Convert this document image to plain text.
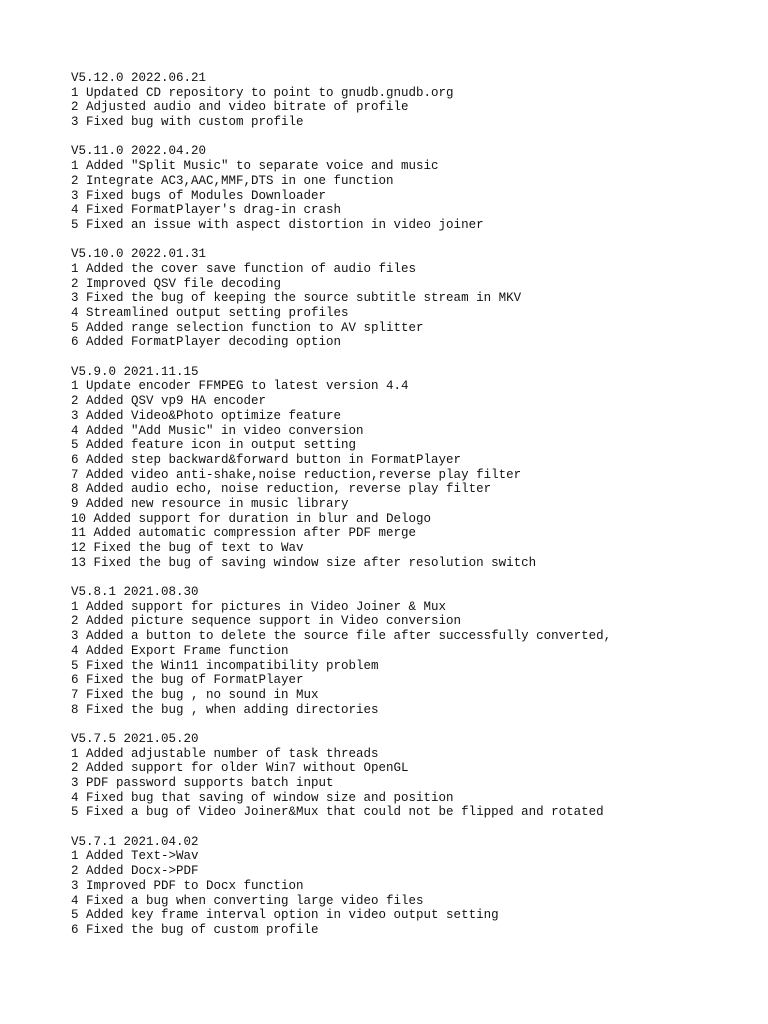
V5.12.0 2022.06.21
1 Updated CD repository to point to gnudb.gnudb.org
2 Adjusted audio and video bitrate of profile
3 Fixed bug with custom profile
V5.11.0 2022.04.20
1 Added "Split Music" to separate voice and music
2 Integrate AC3,AAC,MMF,DTS in one function
3 Fixed bugs of Modules Downloader
4 Fixed FormatPlayer's drag-in crash
5 Fixed an issue with aspect distortion in video joiner
V5.10.0 2022.01.31
1 Added the cover save function of audio files
2 Improved QSV file decoding
3 Fixed the bug of keeping the source subtitle stream in MKV
4 Streamlined output setting profiles
5 Added range selection function to AV splitter
6 Added FormatPlayer decoding option
V5.9.0 2021.11.15
1 Update encoder FFMPEG to latest version 4.4
2 Added QSV vp9 HA encoder
3 Added Video&Photo optimize feature
4 Added "Add Music" in video conversion
5 Added feature icon in output setting
6 Added step backward&forward button in FormatPlayer
7 Added video anti-shake,noise reduction,reverse play filter
8 Added audio echo, noise reduction, reverse play filter
9 Added new resource in music library
10 Added support for duration in blur and Delogo
11 Added automatic compression after PDF merge
12 Fixed the bug of text to Wav
13 Fixed the bug of saving window size after resolution switch
V5.8.1 2021.08.30
1 Added support for pictures in Video Joiner & Mux
2 Added picture sequence support in Video conversion
3 Added a button to delete the source file after successfully converted,
4 Added Export Frame function
5 Fixed the Win11 incompatibility problem
6 Fixed the bug of FormatPlayer
7 Fixed the bug , no sound in Mux
8 Fixed the bug , when adding directories
V5.7.5 2021.05.20
1 Added adjustable number of task threads
2 Added support for older Win7 without OpenGL
3 PDF password supports batch input
4 Fixed bug that saving of window size and position
5 Fixed a bug of Video Joiner&Mux that could not be flipped and rotated
V5.7.1 2021.04.02
1 Added Text->Wav
2 Added Docx->PDF
3 Improved PDF to Docx function
4 Fixed a bug when converting large video files
5 Added key frame interval option in video output setting
6 Fixed the bug of custom profile
